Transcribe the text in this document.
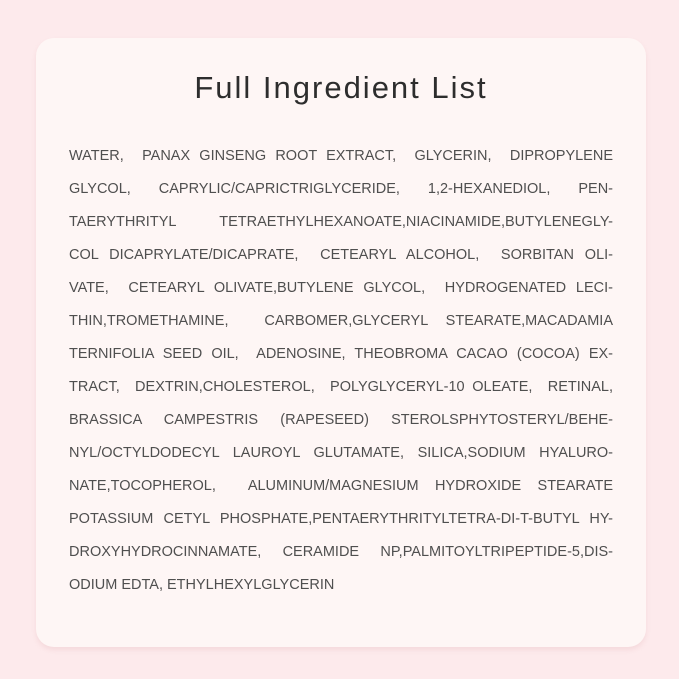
Full Ingredient List
WATER,  PANAX GINSENG ROOT EXTRACT,  GLYCERIN,  DIPROPYLENE
GLYCOL,  CAPRYLIC/CAPRICTRIGLYCERIDE,  1,2-HEXANEDIOL,  PEN-
TAERYTHRITYL TETRAETHYLHEXANOATE,NIACINAMIDE,BUTYLENEGLY-
COL DICAPRYLATE/DICAPRATE,  CETEARYL ALCOHOL,  SORBITAN OLI-
VATE,  CETEARYL OLIVATE,BUTYLENE GLYCOL,  HYDROGENATED LECI-
THIN,TROMETHAMINE,  CARBOMER,GLYCERYL STEARATE,MACADAMIA
TERNIFOLIA SEED OIL,  ADENOSINE, THEOBROMA CACAO (COCOA) EX-
TRACT,  DEXTRIN,CHOLESTEROL,  POLYGLYCERYL-10 OLEATE,  RETINAL,
BRASSICA CAMPESTRIS (RAPESEED) STEROLSPHYTOSTERYL/BEHE-
NYL/OCTYLDODECYL LAUROYL GLUTAMATE, SILICA,SODIUM HYALURO-
NATE,TOCOPHEROL,  ALUMINUM/MAGNESIUM HYDROXIDE STEARATE
POTASSIUM CETYL PHOSPHATE,PENTAERYTHRITYLTETRA-DI-T-BUTYL HY-
DROXYHYDROCINNAMATE, CERAMIDE NP,PALMITOYLTRIPEPTIDE-5,DIS-
ODIUM EDTA, ETHYLHEXYLGLYCERIN
